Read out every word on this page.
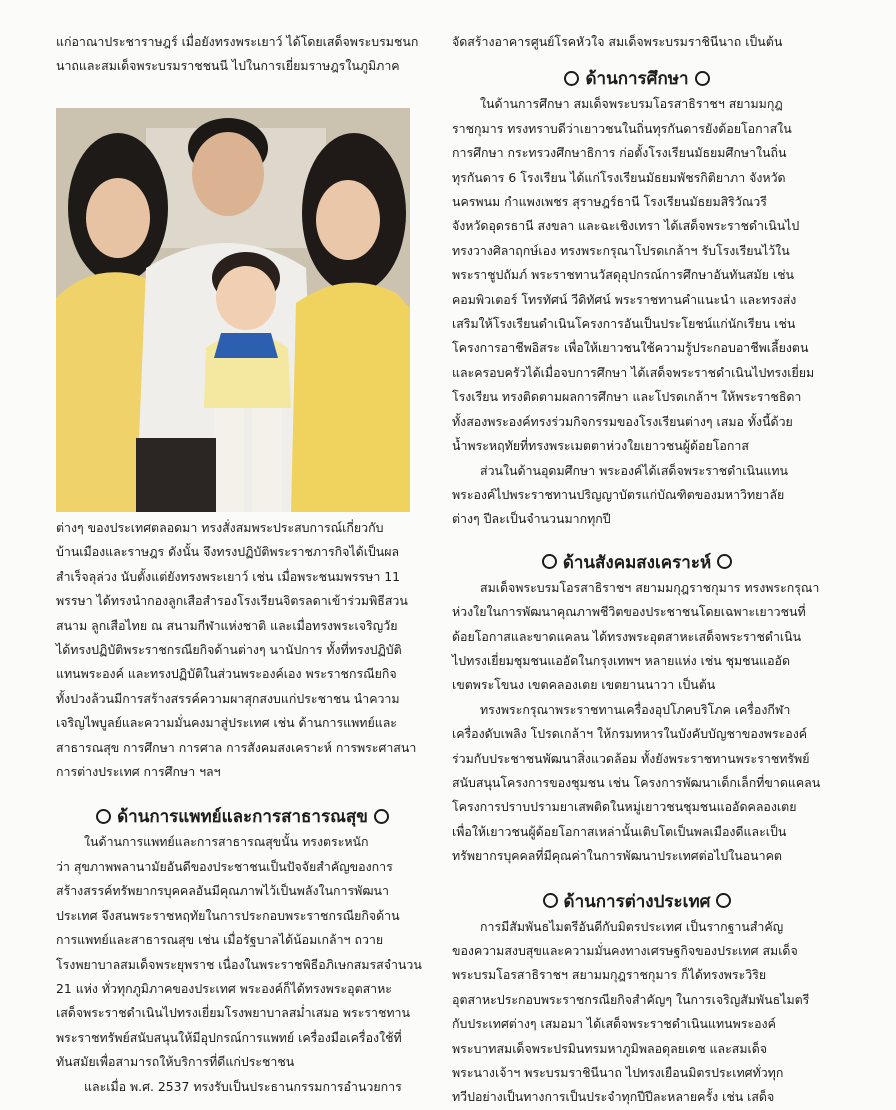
แก่อาณาประชาราษฎร์ เมื่อยังทรงพระเยาว์ ได้โดยเสด็จพระบรมชนก

นาถและสมเด็จพระบรมราชชนนี ไปในการเยี่ยมราษฎรในภูมิภาค

ต่างๆ ของประเทศตลอดมา ทรงสั่งสมพระประสบการณ์เกี่ยวกับ

บ้านเมืองและราษฎร ดังนั้น จึงทรงปฏิบัติพระราชภารกิจได้เป็นผล

สำเร็จลุล่วง นับตั้งแต่ยังทรงพระเยาว์ เช่น เมื่อพระชนมพรรษา 11

พรรษา ได้ทรงนำกองลูกเสือสำรองโรงเรียนจิตรลดาเข้าร่วมพิธีสวน

สนาม ลูกเสือไทย ณ สนามกีฬาแห่งชาติ และเมื่อทรงพระเจริญวัย

ได้ทรงปฏิบัติพระราชกรณียกิจด้านต่างๆ นานัปการ ทั้งที่ทรงปฏิบัติ

แทนพระองค์ และทรงปฏิบัติในส่วนพระองค์เอง พระราชกรณียกิจ

ทั้งปวงล้วนมีการสร้างสรรค์ความผาสุกสงบแก่ประชาชน นำความ

เจริญไพบูลย์และความมั่นคงมาสู่ประเทศ เช่น ด้านการแพทย์และ

สาธารณสุข การศึกษา การศาล การสังคมสงเคราะห์ การพระศาสนา

การต่างประเทศ การศึกษา ฯลฯ

ด้านการแพทย์และการสาธารณสุข

ในด้านการแพทย์และการสาธารณสุขนั้น ทรงตระหนัก

ว่า สุขภาพพลานามัยอันดีของประชาชนเป็นปัจจัยสำคัญของการ

สร้างสรรค์ทรัพยากรบุคคลอันมีคุณภาพไว้เป็นพลังในการพัฒนา

ประเทศ จึงสนพระราชหฤทัยในการประกอบพระราชกรณียกิจด้าน

การแพทย์และสาธารณสุข เช่น เมื่อรัฐบาลได้น้อมเกล้าฯ ถวาย

โรงพยาบาลสมเด็จพระยุพราช เนื่องในพระราชพิธีอภิเษกสมรสจำนวน

21 แห่ง ทั่วทุกภูมิภาคของประเทศ พระองค์ก็ได้ทรงพระอุตสาหะ

เสด็จพระราชดำเนินไปทรงเยี่ยมโรงพยาบาลสม่ำเสมอ พระราชทาน

พระราชทรัพย์สนับสนุนให้มีอุปกรณ์การแพทย์ เครื่องมือเครื่องใช้ที่

ทันสมัยเพื่อสามารถให้บริการที่ดีแก่ประชาชน

และเมื่อ พ.ศ. 2537 ทรงรับเป็นประธานกรรมการอำนวยการ

จัดสร้างอาคารศูนย์โรคหัวใจ สมเด็จพระบรมราชินีนาถ เป็นต้น

ด้านการศึกษา

ในด้านการศึกษา สมเด็จพระบรมโอรสาธิราชฯ สยามมกุฎ

ราชกุมาร ทรงทราบดีว่าเยาวชนในถิ่นทุรกันดารยังด้อยโอกาสใน

การศึกษา กระทรวงศึกษาธิการ ก่อตั้งโรงเรียนมัธยมศึกษาในถิ่น

ทุรกันดาร 6 โรงเรียน ได้แก่โรงเรียนมัธยมพัชรกิติยาภา จังหวัด

นครพนม กำแพงเพชร สุราษฎร์ธานี โรงเรียนมัธยมสิริวัณวรี

จังหวัดอุดรธานี สงขลา และฉะเชิงเทรา ได้เสด็จพระราชดำเนินไป

ทรงวางศิลาฤกษ์เอง ทรงพระกรุณาโปรดเกล้าฯ รับโรงเรียนไว้ใน

พระราชูปถัมภ์ พระราชทานวัสดุอุปกรณ์การศึกษาอันทันสมัย เช่น

คอมพิวเตอร์ โทรทัศน์ วีดิทัศน์ พระราชทานคำแนะนำ และทรงส่ง

เสริมให้โรงเรียนดำเนินโครงการอันเป็นประโยชน์แก่นักเรียน เช่น

โครงการอาชีพอิสระ เพื่อให้เยาวชนใช้ความรู้ประกอบอาชีพเลี้ยงตน

และครอบครัวได้เมื่อจบการศึกษา ได้เสด็จพระราชดำเนินไปทรงเยี่ยม

โรงเรียน ทรงติดตามผลการศึกษา และโปรดเกล้าฯ ให้พระราชธิดา

ทั้งสองพระองค์ทรงร่วมกิจกรรมของโรงเรียนต่างๆ เสมอ ทั้งนี้ด้วย

น้ำพระหฤทัยที่ทรงพระเมตตาห่วงใยเยาวชนผู้ด้อยโอกาส

ส่วนในด้านอุดมศึกษา พระองค์ได้เสด็จพระราชดำเนินแทน

พระองค์ไปพระราชทานปริญญาบัตรแก่บัณฑิตของมหาวิทยาลัย

ต่างๆ ปีละเป็นจำนวนมากทุกปี

ด้านสังคมสงเคราะห์

สมเด็จพระบรมโอรสาธิราชฯ สยามมกุฎราชกุมาร ทรงพระกรุณา

ห่วงใยในการพัฒนาคุณภาพชีวิตของประชาชนโดยเฉพาะเยาวชนที่

ด้อยโอกาสและขาดแคลน ได้ทรงพระอุตสาหะเสด็จพระราชดำเนิน

ไปทรงเยี่ยมชุมชนแออัดในกรุงเทพฯ หลายแห่ง เช่น ชุมชนแออัด

เขตพระโขนง เขตคลองเตย เขตยานนาวา เป็นต้น

ทรงพระกรุณาพระราชทานเครื่องอุปโภคบริโภค เครื่องกีฬา

เครื่องดับเพลิง โปรดเกล้าฯ ให้กรมทหารในบังคับบัญชาของพระองค์

ร่วมกับประชาชนพัฒนาสิ่งแวดล้อม ทั้งยังพระราชทานพระราชทรัพย์

สนับสนุนโครงการของชุมชน เช่น โครงการพัฒนาเด็กเล็กที่ขาดแคลน

โครงการปราบปรามยาเสพติดในหมู่เยาวชนชุมชนแออัดคลองเตย

เพื่อให้เยาวชนผู้ด้อยโอกาสเหล่านั้นเติบโตเป็นพลเมืองดีและเป็น

ทรัพยากรบุคคลที่มีคุณค่าในการพัฒนาประเทศต่อไปในอนาคต

ด้านการต่างประเทศ

การมีสัมพันธไมตรีอันดีกับมิตรประเทศ เป็นรากฐานสำคัญ

ของความสงบสุขและความมั่นคงทางเศรษฐกิจของประเทศ สมเด็จ

พระบรมโอรสาธิราชฯ สยามมกุฎราชกุมาร ก็ได้ทรงพระวิริย

อุตสาหะประกอบพระราชกรณียกิจสำคัญๆ ในการเจริญสัมพันธไมตรี

กับประเทศต่างๆ เสมอมา ได้เสด็จพระราชดำเนินแทนพระองค์

พระบาทสมเด็จพระปรมินทรมหาภูมิพลอดุลยเดช และสมเด็จ

พระนางเจ้าฯ พระบรมราชินีนาถ ไปทรงเยือนมิตรประเทศทั่วทุก

ทวีปอย่างเป็นทางการเป็นประจำทุกปีปีละหลายครั้ง เช่น เสด็จ
